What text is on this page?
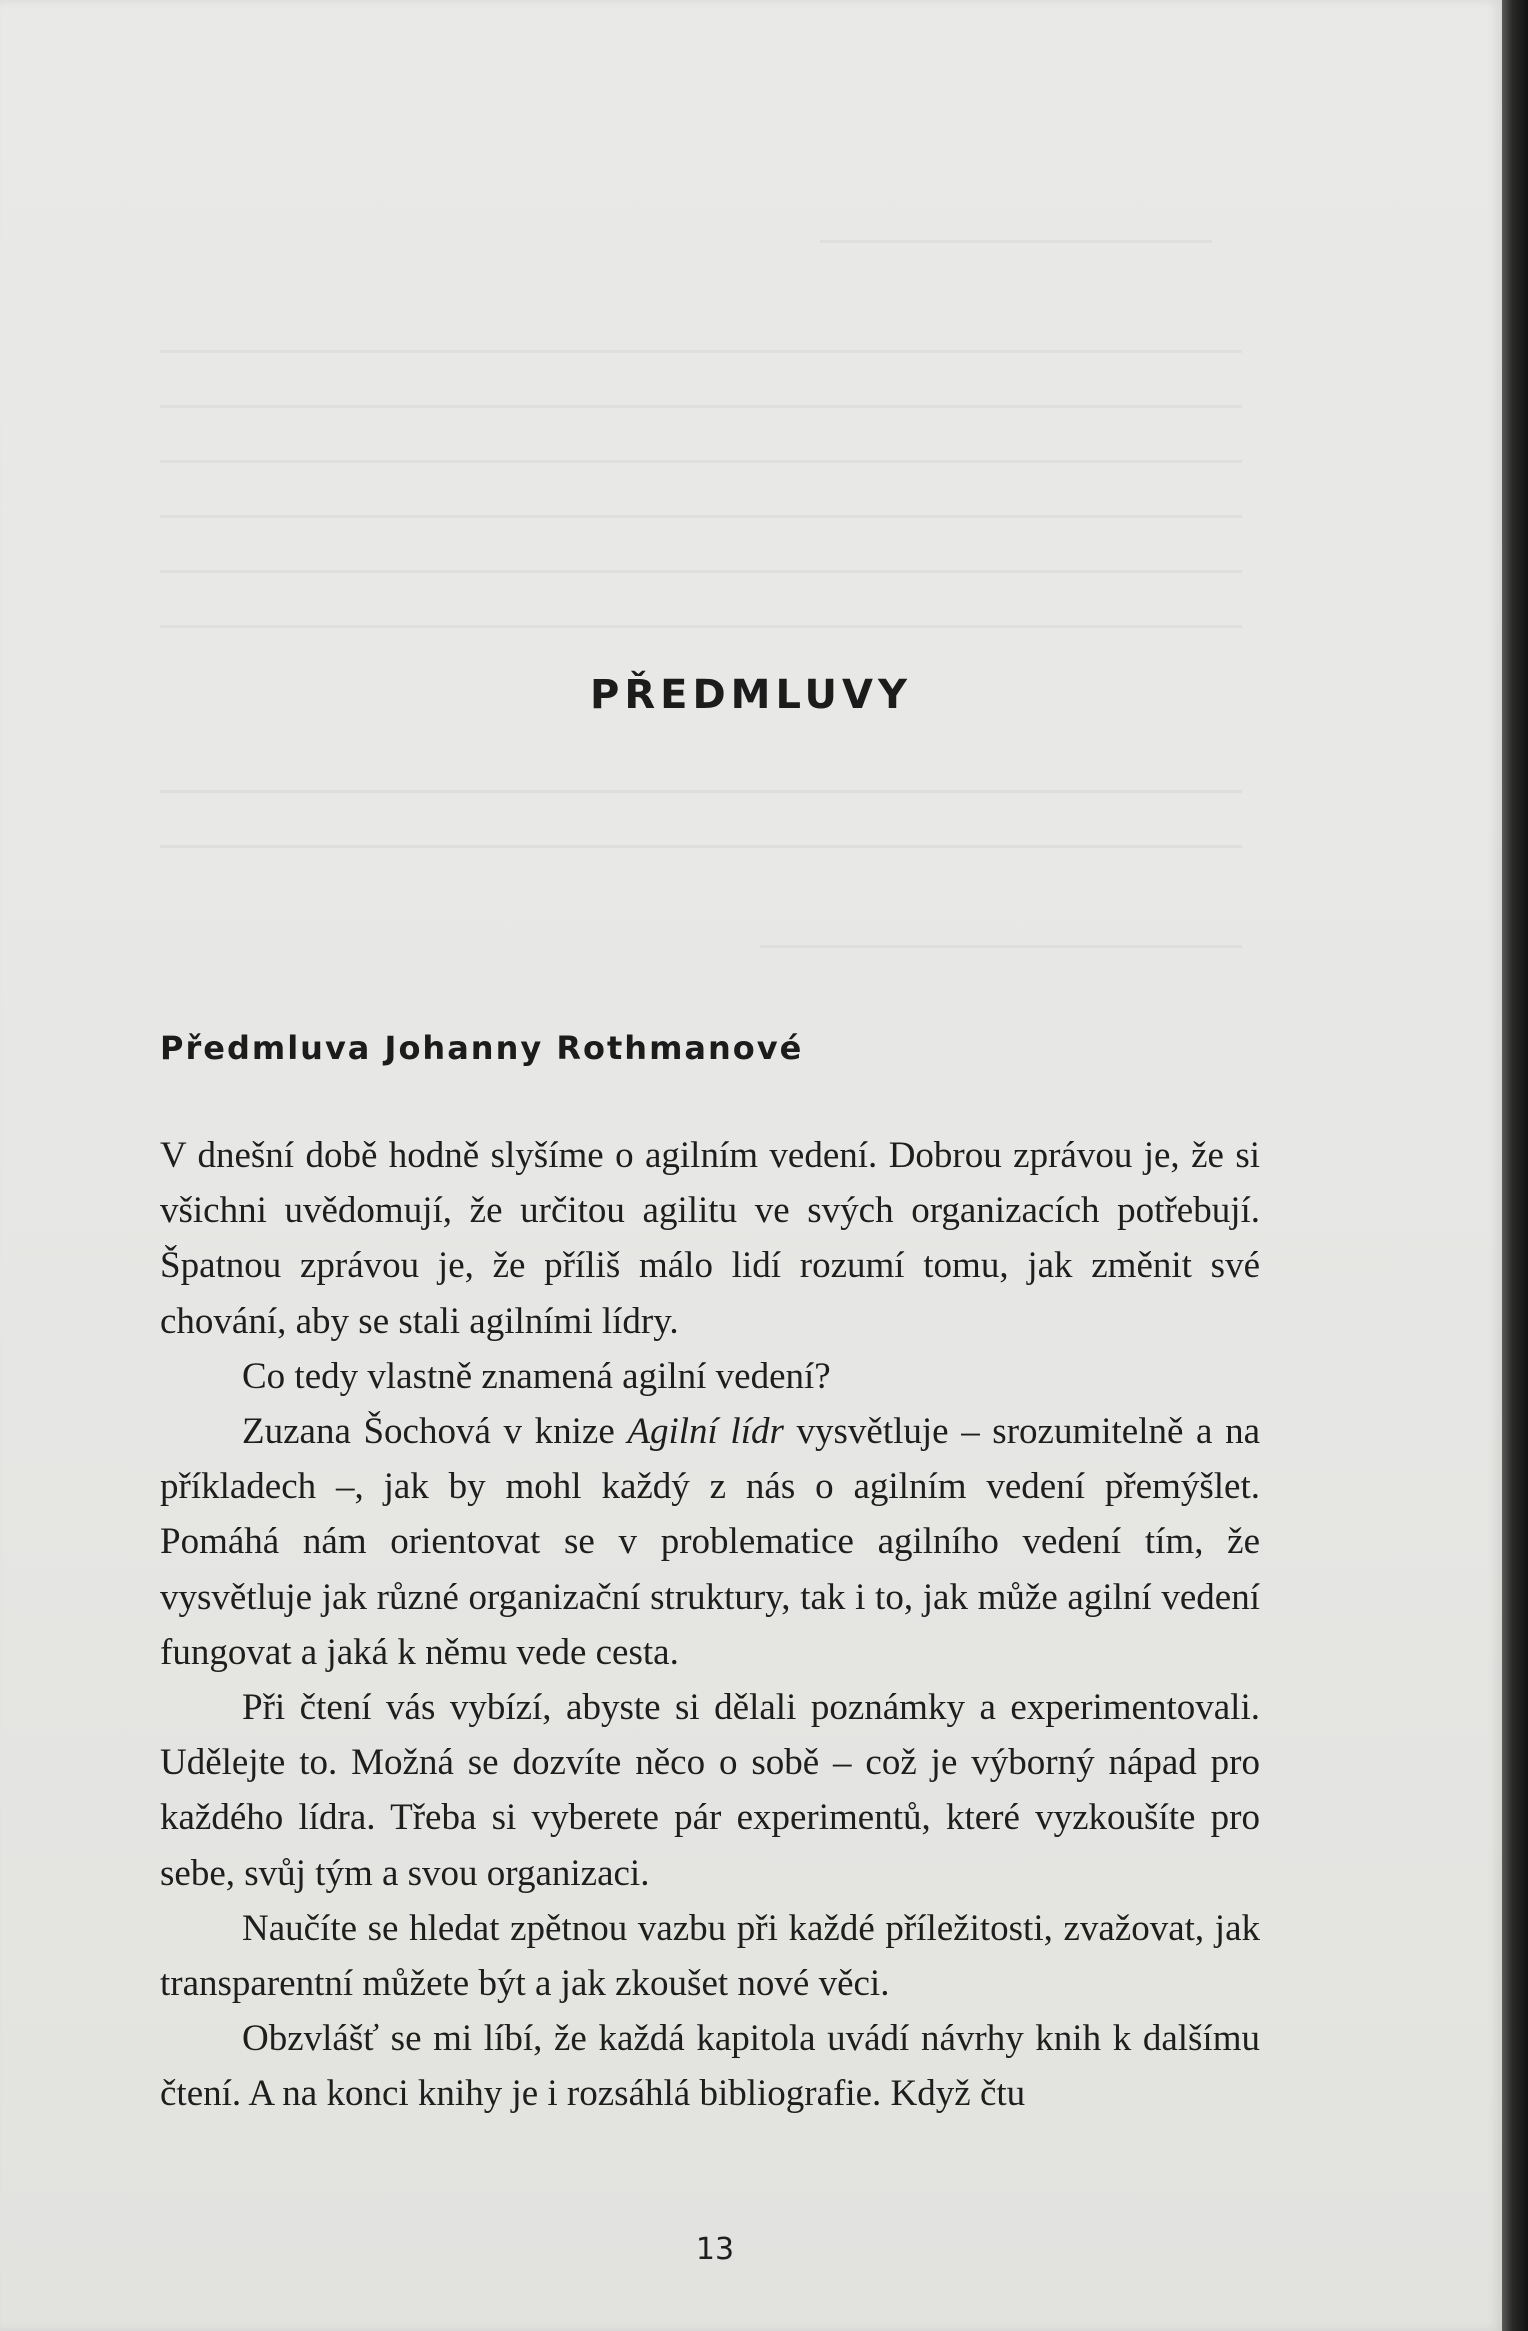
PŘEDMLUVY
Předmluva Johanny Rothmanové

V dnešní době hodně slyšíme o agilním vedení. Dobrou zprávou je, že si všichni uvědomují, že určitou agilitu ve svých organizacích potřebují. Špatnou zprávou je, že příliš málo lidí rozumí tomu, jak změnit své chování, aby se stali agilními lídry.

Co tedy vlastně znamená agilní vedení?

Zuzana Šochová v knize Agilní lídr vysvětluje – srozumitelně a na příkladech –, jak by mohl každý z nás o agilním vedení přemýšlet. Pomáhá nám orientovat se v problematice agilního vedení tím, že vysvětluje jak různé organizační struktury, tak i to, jak může agilní vedení fungovat a jaká k němu vede cesta.

Při čtení vás vybízí, abyste si dělali poznámky a experimentovali. Udělejte to. Možná se dozvíte něco o sobě – což je výborný nápad pro každého lídra. Třeba si vyberete pár experimentů, které vyzkoušíte pro sebe, svůj tým a svou organizaci.

Naučíte se hledat zpětnou vazbu při každé příležitosti, zvažovat, jak transparentní můžete být a jak zkoušet nové věci.

Obzvlášť se mi líbí, že každá kapitola uvádí návrhy knih k dalšímu čtení. A na konci knihy je i rozsáhlá bibliografie. Když čtu

13
